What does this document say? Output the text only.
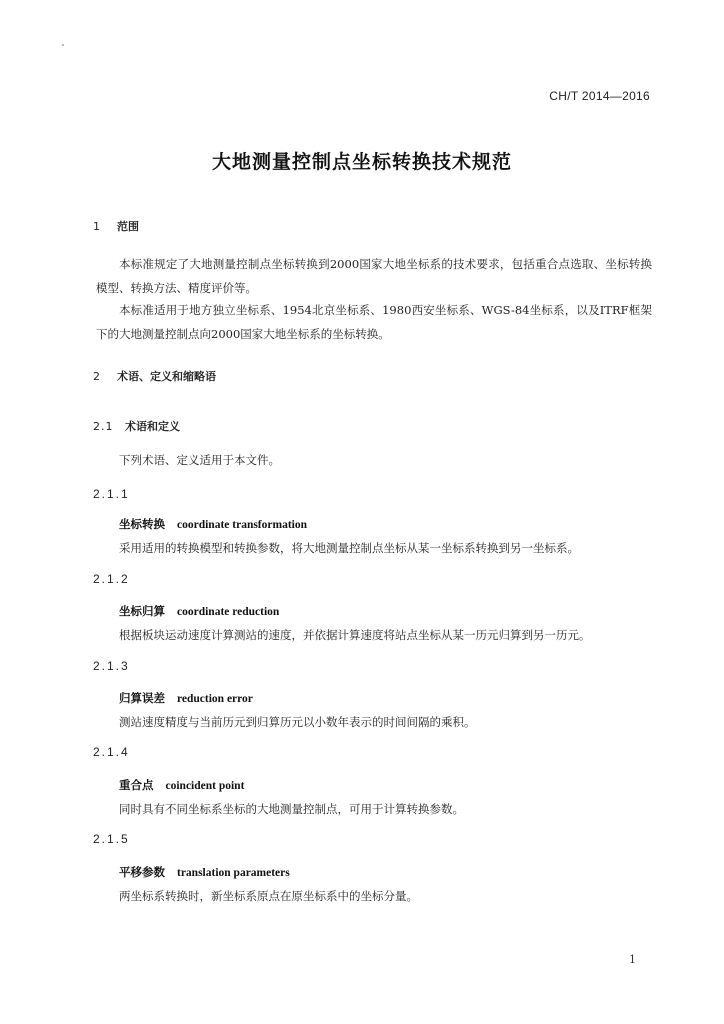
CH/T 2014—2016
大地测量控制点坐标转换技术规范
1 范围
本标准规定了大地测量控制点坐标转换到2000国家大地坐标系的技术要求，包括重合点选取、坐标转换模型、转换方法、精度评价等。
本标准适用于地方独立坐标系、1954北京坐标系、1980西安坐标系、WGS-84坐标系，以及ITRF框架下的大地测量控制点向2000国家大地坐标系的坐标转换。
2 术语、定义和缩略语
2.1 术语和定义
下列术语、定义适用于本文件。
2.1.1
坐标转换 coordinate transformation
采用适用的转换模型和转换参数，将大地测量控制点坐标从某一坐标系转换到另一坐标系。
2.1.2
坐标归算 coordinate reduction
根据板块运动速度计算测站的速度，并依据计算速度将站点坐标从某一历元归算到另一历元。
2.1.3
归算误差 reduction error
测站速度精度与当前历元到归算历元以小数年表示的时间间隔的乘积。
2.1.4
重合点 coincident point
同时具有不同坐标系坐标的大地测量控制点，可用于计算转换参数。
2.1.5
平移参数 translation parameters
两坐标系转换时，新坐标系原点在原坐标系中的坐标分量。
1
